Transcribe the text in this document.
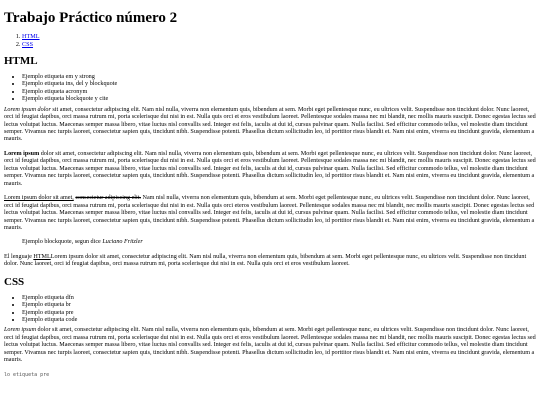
Trabajo Práctico número 2
1. HTML
2. CSS
HTML
• Ejemplo etiqueta em y strong
• Ejemplo etiqueta ins, del y blockquote
• Ejemplo etiqueta acronym
• Ejemplo etiqueta blockquote y cite

Lorem ipsum dolor sit amet, consectetur adipiscing elit. Nam nisl nulla, viverra non elementum quis, bibendum at sem. Morbi eget pellentesque nunc, eu ultrices velit. Suspendisse non tincidunt dolor. Nunc laoreet, orci id feugiat dapibus, orci massa rutrum mi, porta scelerisque dui nisi in est. Nulla quis orci et eros vestibulum laoreet. Pellentesque sodales massa nec mi blandit, nec mollis mauris suscipit. Donec egestas lectus sed lectus volutpat luctus. Maecenas semper massa libero, vitae luctus nisl convallis sed. Integer est felis, iaculis at dui id, cursus pulvinar quam. Nulla facilisi. Sed efficitur commodo tellus, vel molestie diam tincidunt semper. Vivamus nec turpis laoreet, consectetur sapien quis, tincidunt nibh. Suspendisse potenti. Phasellus dictum sollicitudin leo, id porttitor risus blandit et. Nam nisi enim, viverra eu tincidunt gravida, elementum a mauris.

Lorem ipsum dolor sit amet, consectetur adipiscing elit. Nam nisl nulla, viverra non elementum quis, bibendum at sem. Morbi eget pellentesque nunc, eu ultrices velit. Suspendisse non tincidunt dolor. Nunc laoreet, orci id feugiat dapibus, orci massa rutrum mi, porta scelerisque dui nisi in est. Nulla quis orci et eros vestibulum laoreet. Pellentesque sodales massa nec mi blandit, nec mollis mauris suscipit. Donec egestas lectus sed lectus volutpat luctus. Maecenas semper massa libero, vitae luctus nisl convallis sed. Integer est felis, iaculis at dui id, cursus pulvinar quam. Nulla facilisi. Sed efficitur commodo tellus, vel molestie diam tincidunt semper. Vivamus nec turpis laoreet, consectetur sapien quis, tincidunt nibh. Suspendisse potenti. Phasellus dictum sollicitudin leo, id porttitor risus blandit et. Nam nisi enim, viverra eu tincidunt gravida, elementum a mauris.

Lorem ipsum dolor sit amet, consectetur adipiscing elit. Nam nisl nulla, viverra non elementum quis, bibendum at sem. Morbi eget pellentesque nunc, eu ultrices velit. Suspendisse non tincidunt dolor. Nunc laoreet, orci id feugiat dapibus, orci massa rutrum mi, porta scelerisque dui nisi in est. Nulla quis orci eteros vestibulum laoreet. Pellentesque sodales massa nec mi blandit, nec mollis mauris suscipit. Donec egestas lectus sed lectus volutpat luctus. Maecenas semper massa libero, vitae luctus nisl convallis sed. Integer est felis, iaculis at dui id, cursus pulvinar quam. Nulla facilisi. Sed efficitur commodo tellus, vel molestie diam tincidunt semper. Vivamus nec turpis laoreet, consectetur sapien quis, tincidunt nibh. Suspendisse potenti. Phasellus dictum sollicitudin leo, id porttitor risus blandit et. Nam nisi enim, viverra eu tincidunt gravida, elementum a mauris.

Ejemplo blockquote, segun dice Luciano Fritzler

El lenguaje HTMLLorem ipsum dolor sit amet, consectetur adipiscing elit. Nam nisl nulla, viverra non elementum quis, bibendum at sem. Morbi eget pellentesque nunc, eu ultrices velit. Suspendisse non tincidunt dolor. Nunc laoreet, orci id feugiat dapibus, orci massa rutrum mi, porta scelerisque dui nisi in est. Nulla quis orci et eros vestibulum laoreet.

CSS
• Ejemplo etiqueta dfn
• Ejemplo etiqueta br
• Ejemplo etiqueta pre
• Ejemplo etiqueta code

Lorem ipsum dolor sit amet, consectetur adipiscing elit. Nam nisl nulla, viverra non elementum quis, bibendum at sem. Morbi eget pellentesque nunc, eu ultrices velit. Suspendisse non tincidunt dolor. Nunc laoreet, orci id feugiat dapibus, orci massa rutrum mi, porta scelerisque dui nisi in est. Nulla quis orci et eros vestibulum laoreet. Pellentesque sodales massa nec mi blandit, nec mollis mauris suscipit. Donec egestas lectus sed lectus volutpat luctus. Maecenas semper massa libero, vitae luctus nisl convallis sed. Integer est felis, iaculis at dui id, cursus pulvinar quam. Nulla facilisi. Sed efficitur commodo tellus, vel molestie diam tincidunt semper. Vivamus nec turpis laoreet, consectetur sapien quis, tincidunt nibh. Suspendisse potenti. Phasellus dictum sollicitudin leo, id porttitor risus blandit et. Nam nisi enim, viverra eu tincidunt gravida, elementum a mauris.

lo etiqueta pre
